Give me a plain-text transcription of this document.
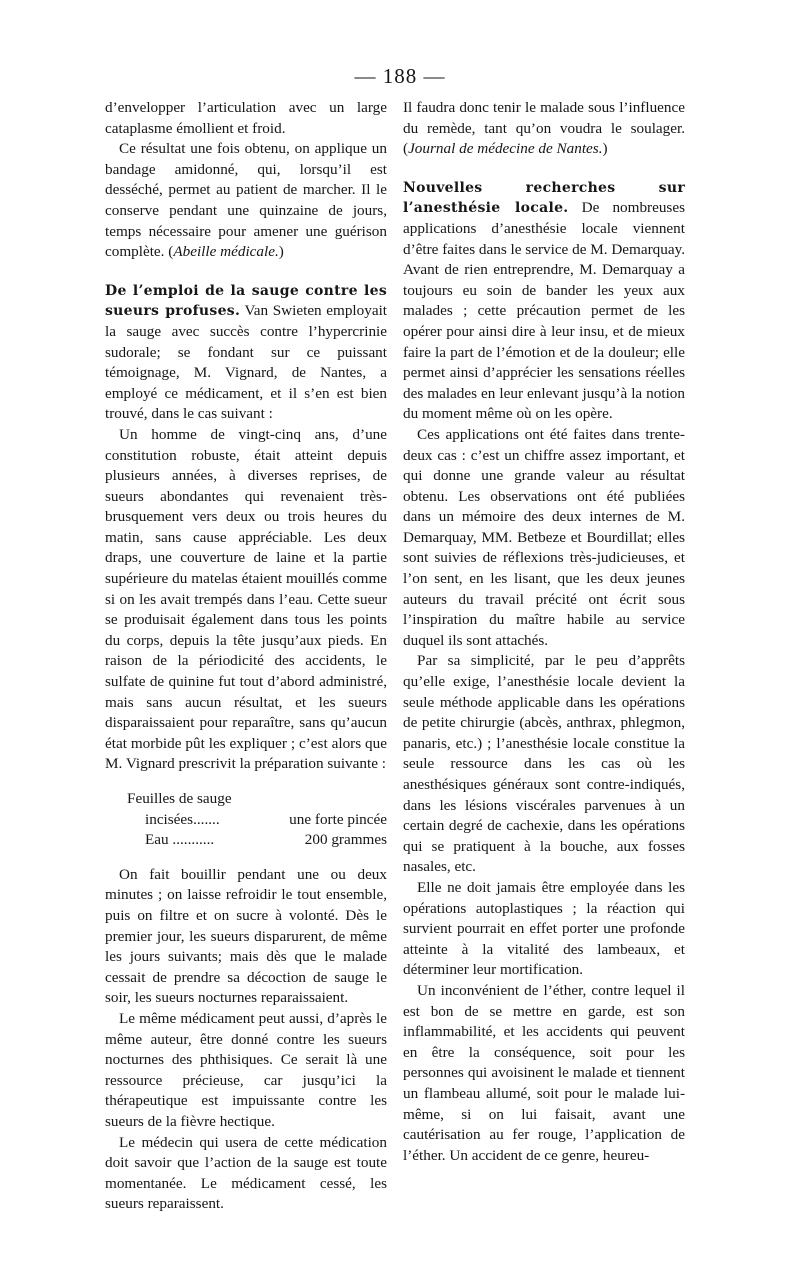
— 188 —

d’envelopper l’articulation avec un large cataplasme émollient et froid.

Ce résultat une fois obtenu, on applique un bandage amidonné, qui, lorsqu’il est desséché, permet au patient de marcher. Il le conserve pendant une quinzaine de jours, temps nécessaire pour amener une guérison complète. (Abeille médicale.)

De l’emploi de la sauge contre les sueurs profuses. Van Swieten employait la sauge avec succès contre l’hypercrinie sudorale; se fondant sur ce puissant témoignage, M. Vignard, de Nantes, a employé ce médicament, et il s’en est bien trouvé, dans le cas suivant :

Un homme de vingt-cinq ans, d’une constitution robuste, était atteint depuis plusieurs années, à diverses reprises, de sueurs abondantes qui revenaient très-brusquement vers deux ou trois heures du matin, sans cause appréciable. Les deux draps, une couverture de laine et la partie supérieure du matelas étaient mouillés comme si on les avait trempés dans l’eau. Cette sueur se produisait également dans tous les points du corps, depuis la tête jusqu’aux pieds. En raison de la périodicité des accidents, le sulfate de quinine fut tout d’abord administré, mais sans aucun résultat, et les sueurs disparaissaient pour reparaître, sans qu’aucun état morbide pût les expliquer ; c’est alors que M. Vignard prescrivit la préparation suivante :

Feuilles de sauge
incisées.......	une forte pincée
Eau ...........	200 grammes

On fait bouillir pendant une ou deux minutes ; on laisse refroidir le tout ensemble, puis on filtre et on sucre à volonté. Dès le premier jour, les sueurs disparurent, de même les jours suivants; mais dès que le malade cessait de prendre sa décoction de sauge le soir, les sueurs nocturnes reparaissaient.

Le même médicament peut aussi, d’après le même auteur, être donné contre les sueurs nocturnes des phthisiques. Ce serait là une ressource précieuse, car jusqu’ici la thérapeutique est impuissante contre les sueurs de la fièvre hectique.

Le médecin qui usera de cette médication doit savoir que l’action de la sauge est toute momentanée. Le médicament cessé, les sueurs reparaissent.

Il faudra donc tenir le malade sous l’influence du remède, tant qu’on voudra le soulager. (Journal de médecine de Nantes.)

Nouvelles recherches sur l’anesthésie locale. De nombreuses applications d’anesthésie locale viennent d’être faites dans le service de M. Demarquay. Avant de rien entreprendre, M. Demarquay a toujours eu soin de bander les yeux aux malades ; cette précaution permet de les opérer pour ainsi dire à leur insu, et de mieux faire la part de l’émotion et de la douleur; elle permet ainsi d’apprécier les sensations réelles des malades en leur enlevant jusqu’à la notion du moment même où on les opère.

Ces applications ont été faites dans trente-deux cas : c’est un chiffre assez important, et qui donne une grande valeur au résultat obtenu. Les observations ont été publiées dans un mémoire des deux internes de M. Demarquay, MM. Betbeze et Bourdillat; elles sont suivies de réflexions très-judicieuses, et l’on sent, en les lisant, que les deux jeunes auteurs du travail précité ont écrit sous l’inspiration du maître habile au service duquel ils sont attachés.

Par sa simplicité, par le peu d’apprêts qu’elle exige, l’anesthésie locale devient la seule méthode applicable dans les opérations de petite chirurgie (abcès, anthrax, phlegmon, panaris, etc.) ; l’anesthésie locale constitue la seule ressource dans les cas où les anesthésiques généraux sont contre-indiqués, dans les lésions viscérales parvenues à un certain degré de cachexie, dans les opérations qui se pratiquent à la bouche, aux fosses nasales, etc.

Elle ne doit jamais être employée dans les opérations autoplastiques ; la réaction qui survient pourrait en effet porter une profonde atteinte à la vitalité des lambeaux, et déterminer leur mortification.

Un inconvénient de l’éther, contre lequel il est bon de se mettre en garde, est son inflammabilité, et les accidents qui peuvent en être la conséquence, soit pour les personnes qui avoisinent le malade et tiennent un flambeau allumé, soit pour le malade lui-même, si on lui faisait, avant une cautérisation au fer rouge, l’application de l’éther. Un accident de ce genre, heureu-
